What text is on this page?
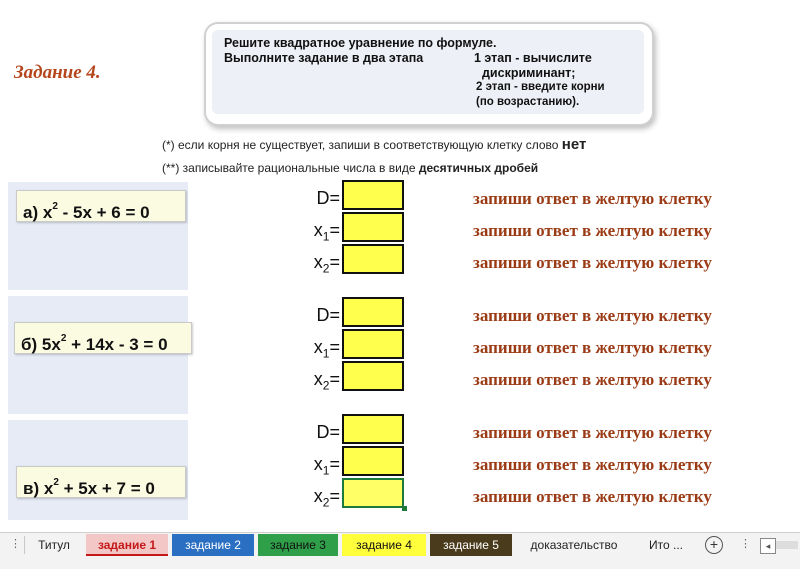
Задание 4.
Решите квадратное уравнение по формуле.
Выполните задание в два этапа	1 этап - вычислите
дискриминант;
2 этап - введите корни
(по возрастанию).
(*) если корня не существует, запиши в соответствующую клетку слово нет
(**) записывайте рациональные числа в виде десятичных дробей
а) $x^2 - 5x + 6 = 0$
б) $5x^2 + 14x - 3 = 0$
в) $x^2 + 5x + 7 = 0$
D=	запиши ответ в желтую клетку
$x_1=$	запиши ответ в желтую клетку
$x_2=$	запиши ответ в желтую клетку
D=	запиши ответ в желтую клетку
$x_1=$	запиши ответ в желтую клетку
$x_2=$	запиши ответ в желтую клетку
D=	запиши ответ в желтую клетку
$x_1=$	запиши ответ в желтую клетку
$x_2=$	запиши ответ в желтую клетку
⋮	Титул	задание 1	задание 2	задание 3	задание 4	задание 5	доказательство	Ито ...	+	⋮	◂
